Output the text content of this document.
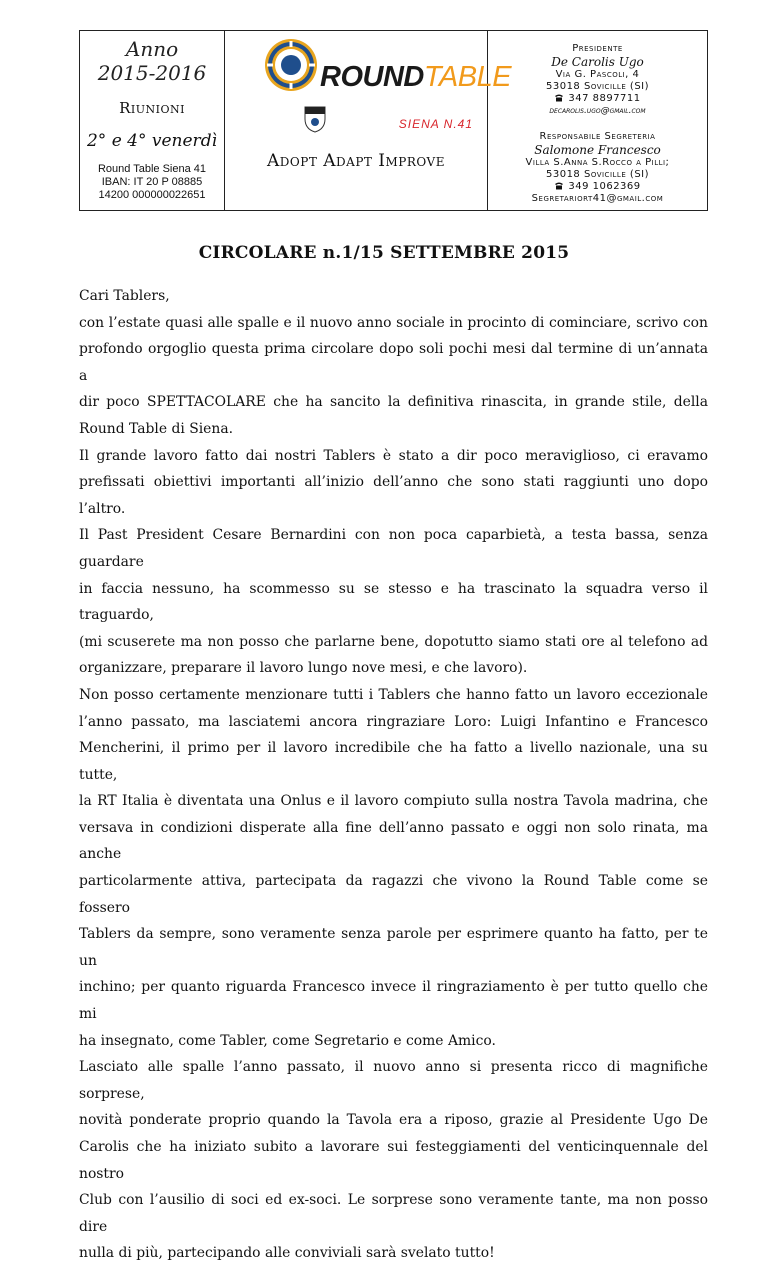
Anno
2015-2016
Riunioni
2° e 4° venerdì
Round Table Siena 41
IBAN: IT 20 P 08885
14200 000000022651
ROUNDTABLE
SIENA N.41
Adopt Adapt Improve
Presidente
De Carolis Ugo
Via G. Pascoli, 4
53018 Sovicille (SI)
347 8897711
decarolis.ugo@gmail.com
Responsabile Segreteria
Salomone Francesco
Villa S.Anna S.Rocco a Pilli;
53018 Sovicille (SI)
349 1062369
Segretariort41@gmail.com
CIRCOLARE n.1/15 SETTEMBRE 2015

Cari Tablers,

con l’estate quasi alle spalle e il nuovo anno sociale in procinto di cominciare, scrivo con

profondo orgoglio questa prima circolare dopo soli pochi mesi dal termine di un’annata a

dir poco SPETTACOLARE che ha sancito la definitiva rinascita, in grande stile, della

Round Table di Siena.

Il grande lavoro fatto dai nostri Tablers è stato a dir poco meraviglioso, ci eravamo

prefissati obiettivi importanti all’inizio dell’anno che sono stati raggiunti uno dopo l’altro.

Il Past President Cesare Bernardini con non poca caparbietà, a testa bassa, senza guardare

in faccia nessuno, ha scommesso su se stesso e ha trascinato la squadra verso il traguardo,

(mi scuserete ma non posso che parlarne bene, dopotutto siamo stati ore al telefono ad

organizzare, preparare il lavoro lungo nove mesi, e che lavoro).

Non posso certamente menzionare tutti i Tablers che hanno fatto un lavoro eccezionale

l’anno passato, ma lasciatemi ancora ringraziare Loro: Luigi Infantino e Francesco

Mencherini, il primo per il lavoro incredibile che ha fatto a livello nazionale, una su tutte,

la RT Italia è diventata una Onlus e il lavoro compiuto sulla nostra Tavola madrina, che

versava in condizioni disperate alla fine dell’anno passato e oggi non solo rinata, ma anche

particolarmente attiva, partecipata da ragazzi che vivono la Round Table come se fossero

Tablers da sempre, sono veramente senza parole per esprimere quanto ha fatto, per te un

inchino; per quanto riguarda Francesco invece il ringraziamento è per tutto quello che mi

ha insegnato, come Tabler, come Segretario e come Amico.

Lasciato alle spalle l’anno passato, il nuovo anno si presenta ricco di magnifiche sorprese,

novità ponderate proprio quando la Tavola era a riposo, grazie al Presidente Ugo De

Carolis che ha iniziato subito a lavorare sui festeggiamenti del venticinquennale del nostro

Club con l’ausilio di soci ed ex-soci. Le sorprese sono veramente tante, ma non posso dire

nulla di più, partecipando alle conviviali sarà svelato tutto!
